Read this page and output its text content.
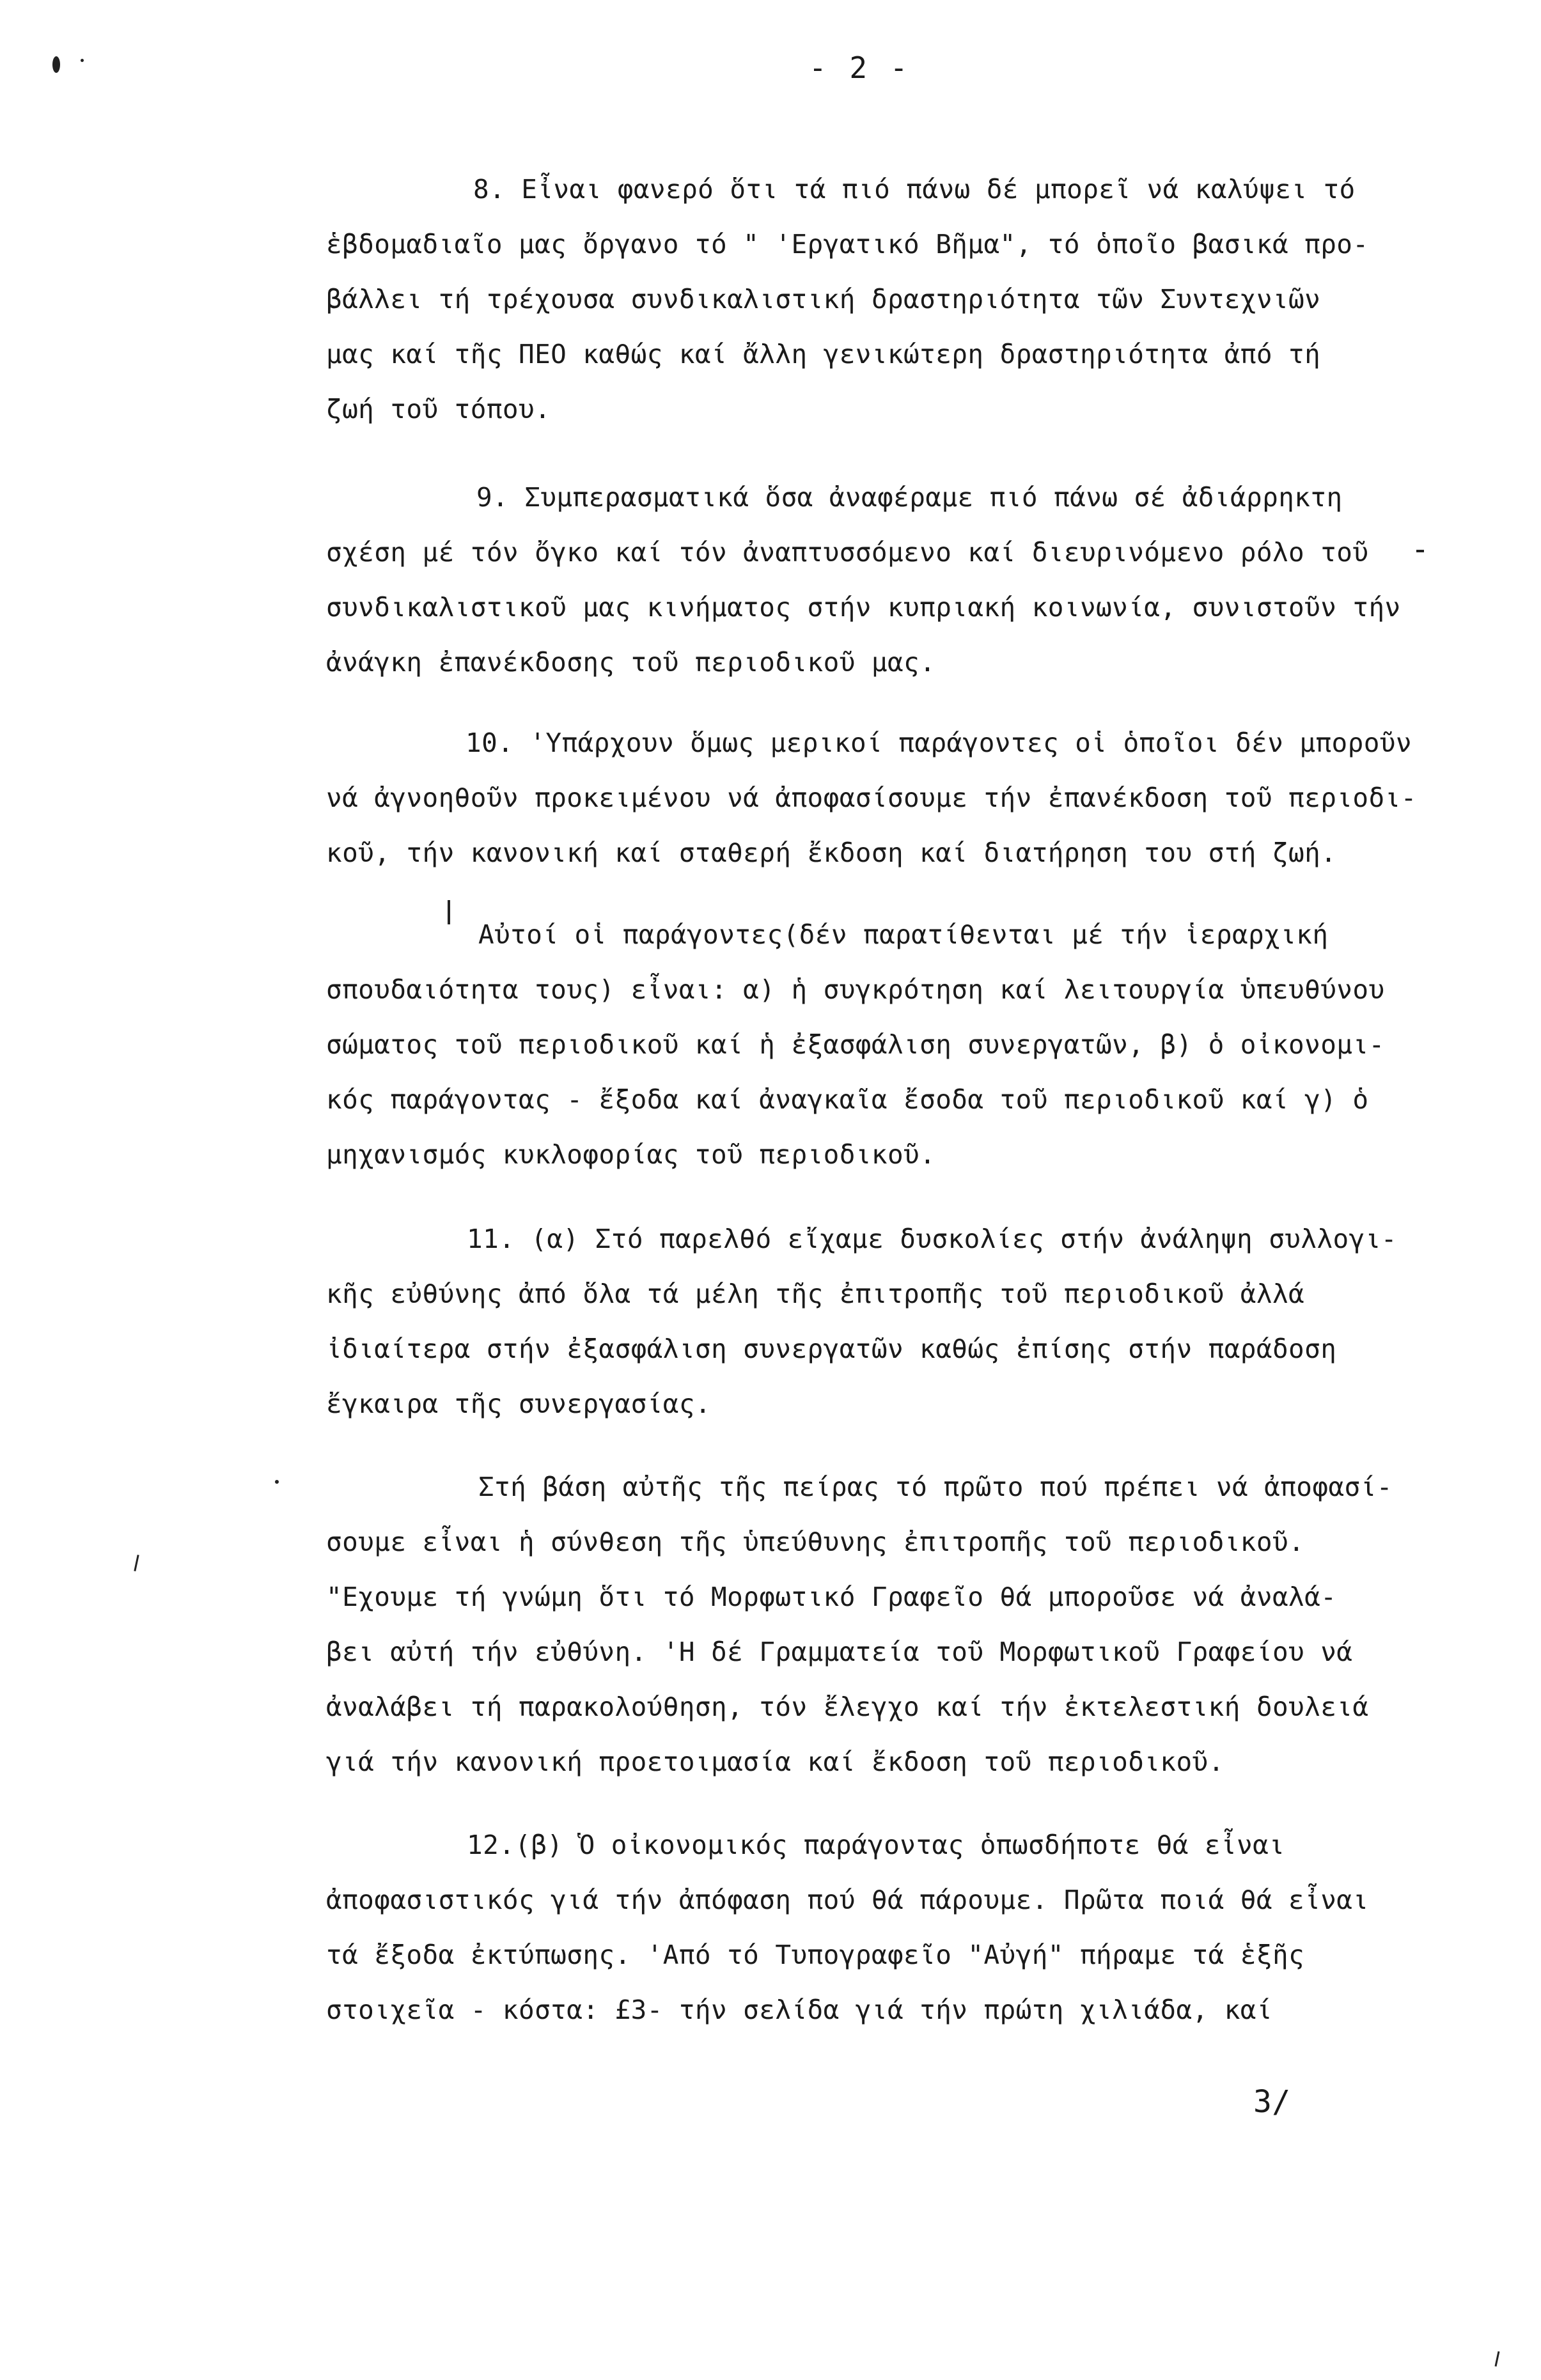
- 2 -
8. Εἶναι φανερό ὅτι τά πιό πάνω δέ μπορεῖ νά καλύψει τό
ἑβδομαδιαῖο μας ὄργανο τό " 'Εργατικό Βῆμα", τό ὁποῖο βασικά προ-
βάλλει τή τρέχουσα συνδικαλιστική δραστηριότητα τῶν Συντεχνιῶν
μας καί τῆς ΠΕΟ καθώς καί ἄλλη γενικώτερη δραστηριότητα ἀπό τή
ζωή τοῦ τόπου.
9. Συμπερασματικά ὅσα ἀναφέραμε πιό πάνω σέ ἀδιάρρηκτη
σχέση μέ τόν ὄγκο καί τόν ἀναπτυσσόμενο καί διευρινόμενο ρόλο τοῦ
συνδικαλιστικοῦ μας κινήματος στήν κυπριακή κοινωνία, συνιστοῦν τήν
ἀνάγκη ἐπανέκδοσης τοῦ περιοδικοῦ μας.
10. 'Υπάρχουν ὅμως μερικοί παράγοντες οἱ ὁποῖοι δέν μποροῦν
νά ἀγνοηθοῦν προκειμένου νά ἀποφασίσουμε τήν ἐπανέκδοση τοῦ περιοδι-
κοῦ, τήν κανονική καί σταθερή ἔκδοση καί διατήρηση του στή ζωή.
Αὐτοί οἱ παράγοντες(δέν παρατίθενται μέ τήν ἱεραρχική
σπουδαιότητα τους) εἶναι: α) ἡ συγκρότηση καί λειτουργία ὑπευθύνου
σώματος τοῦ περιοδικοῦ καί ἡ ἐξασφάλιση συνεργατῶν, β) ὁ οἰκονομι-
κός παράγοντας - ἔξοδα καί ἀναγκαῖα ἔσοδα τοῦ περιοδικοῦ καί γ) ὁ
μηχανισμός κυκλοφορίας τοῦ περιοδικοῦ.
11. (α) Στό παρελθό εἴχαμε δυσκολίες στήν ἀνάληψη συλλογι-
κῆς εὐθύνης ἀπό ὅλα τά μέλη τῆς ἐπιτροπῆς τοῦ περιοδικοῦ ἀλλά
ἰδιαίτερα στήν ἐξασφάλιση συνεργατῶν καθώς ἐπίσης στήν παράδοση
ἔγκαιρα τῆς συνεργασίας.
Στή βάση αὐτῆς τῆς πείρας τό πρῶτο πού πρέπει νά ἀποφασί-
σουμε εἶναι ἡ σύνθεση τῆς ὑπεύθυνης ἐπιτροπῆς τοῦ περιοδικοῦ.
"Εχουμε τή γνώμη ὅτι τό Μορφωτικό Γραφεῖο θά μποροῦσε νά ἀναλά-
βει αὐτή τήν εὐθύνη. 'Η δέ Γραμματεία τοῦ Μορφωτικοῦ Γραφείου νά
ἀναλάβει τή παρακολούθηση, τόν ἔλεγχο καί τήν ἐκτελεστική δουλειά
γιά τήν κανονική προετοιμασία καί ἔκδοση τοῦ περιοδικοῦ.
12.(β) Ὁ οἰκονομικός παράγοντας ὁπωσδήποτε θά εἶναι
ἀποφασιστικός γιά τήν ἀπόφαση πού θά πάρουμε. Πρῶτα ποιά θά εἶναι
τά ἔξοδα ἐκτύπωσης. 'Από τό Τυπογραφεῖο "Αὐγή" πήραμε τά ἑξῆς
στοιχεῖα - κόστα: £3- τήν σελίδα γιά τήν πρώτη χιλιάδα, καί
3/
